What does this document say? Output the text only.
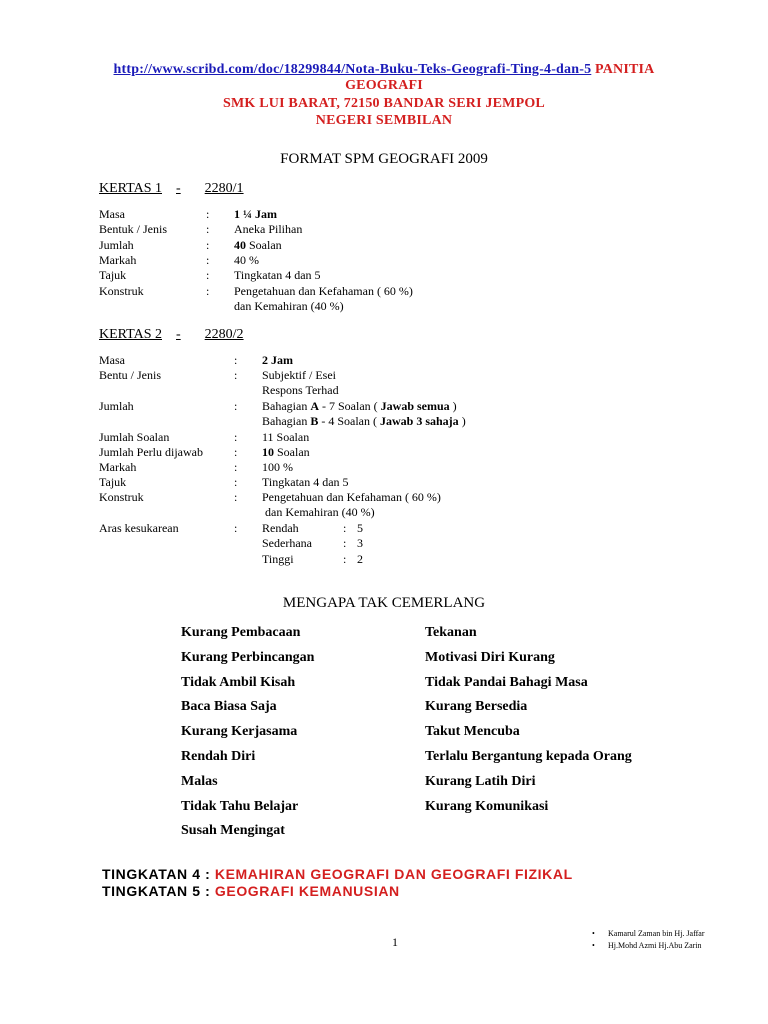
http://www.scribd.com/doc/18299844/Nota-Buku-Teks-Geografi-Ting-4-dan-5 PANITIA
GEOGRAFI
SMK LUI BARAT, 72150 BANDAR SERI JEMPOL
NEGERI SEMBILAN
FORMAT SPM GEOGRAFI 2009
KERTAS 1 - 2280/1
Masa	: 1 ¼ Jam
Bentuk / Jenis	: Aneka Pilihan
Jumlah	: 40 Soalan
Markah	: 40 %
Tajuk	: Tingkatan 4 dan 5
Konstruk	: Pengetahuan dan Kefahaman ( 60 %)
dan Kemahiran (40 %)
KERTAS 2 - 2280/2
Masa	: 2 Jam
Bentu / Jenis	: Subjektif / Esei
Respons Terhad
Jumlah	: Bahagian A - 7 Soalan ( Jawab semua )
Bahagian B - 4 Soalan ( Jawab 3 sahaja )
Jumlah Soalan	: 11 Soalan
Jumlah Perlu dijawab	: 10 Soalan
Markah	: 100 %
Tajuk	: Tingkatan 4 dan 5
Konstruk	: Pengetahuan dan Kefahaman ( 60 %)
dan Kemahiran (40 %)
Aras kesukarean	: Rendah	: 5
Sederhana	: 3
Tinggi	: 2
MENGAPA TAK CEMERLANG
Kurang Pembacaan
Kurang Perbincangan
Tidak Ambil Kisah
Baca Biasa Saja
Kurang Kerjasama
Rendah Diri
Malas
Tidak Tahu Belajar
Susah Mengingat
Tekanan
Motivasi Diri Kurang
Tidak Pandai Bahagi Masa
Kurang Bersedia
Takut Mencuba
Terlalu Bergantung kepada Orang
Kurang Latih Diri
Kurang Komunikasi
TINGKATAN 4 : KEMAHIRAN GEOGRAFI DAN GEOGRAFI FIZIKAL
TINGKATAN 5 : GEOGRAFI KEMANUSIAN
1
• Kamarul Zaman bin Hj. Jaffar
• Hj.Mohd Azmi Hj.Abu Zarin
